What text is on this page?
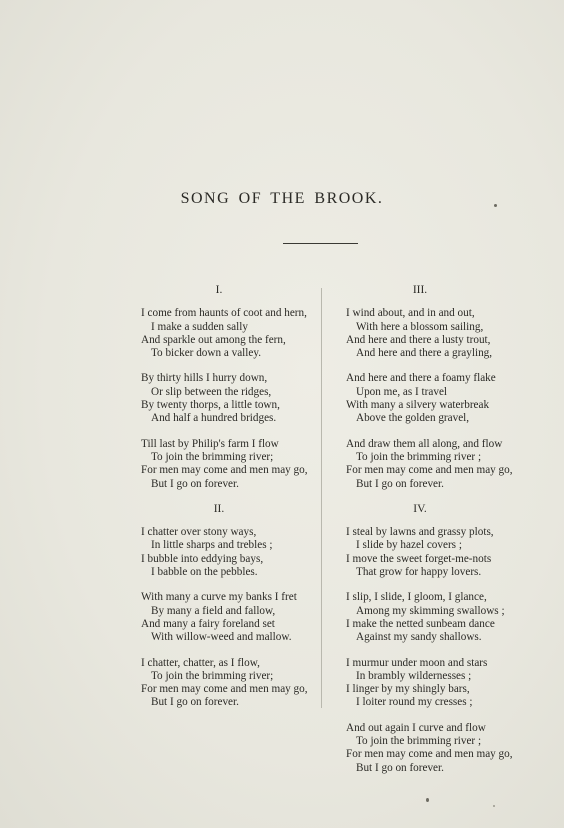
SONG OF THE BROOK.
I.
I come from haunts of coot and hern,
I make a sudden sally
And sparkle out among the fern,
To bicker down a valley.
By thirty hills I hurry down,
Or slip between the ridges,
By twenty thorps, a little town,
And half a hundred bridges.
Till last by Philip's farm I flow
To join the brimming river;
For men may come and men may go,
But I go on forever.
II.
I chatter over stony ways,
In little sharps and trebles ;
I bubble into eddying bays,
I babble on the pebbles.
With many a curve my banks I fret
By many a field and fallow,
And many a fairy foreland set
With willow-weed and mallow.
I chatter, chatter, as I flow,
To join the brimming river;
For men may come and men may go,
But I go on forever.
III.
I wind about, and in and out,
With here a blossom sailing,
And here and there a lusty trout,
And here and there a grayling,
And here and there a foamy flake
Upon me, as I travel
With many a silvery waterbreak
Above the golden gravel,
And draw them all along, and flow
To join the brimming river ;
For men may come and men may go,
But I go on forever.
IV.
I steal by lawns and grassy plots,
I slide by hazel covers ;
I move the sweet forget-me-nots
That grow for happy lovers.
I slip, I slide, I gloom, I glance,
Among my skimming swallows ;
I make the netted sunbeam dance
Against my sandy shallows.
I murmur under moon and stars
In brambly wildernesses ;
I linger by my shingly bars,
I loiter round my cresses ;
And out again I curve and flow
To join the brimming river ;
For men may come and men may go,
But I go on forever.
